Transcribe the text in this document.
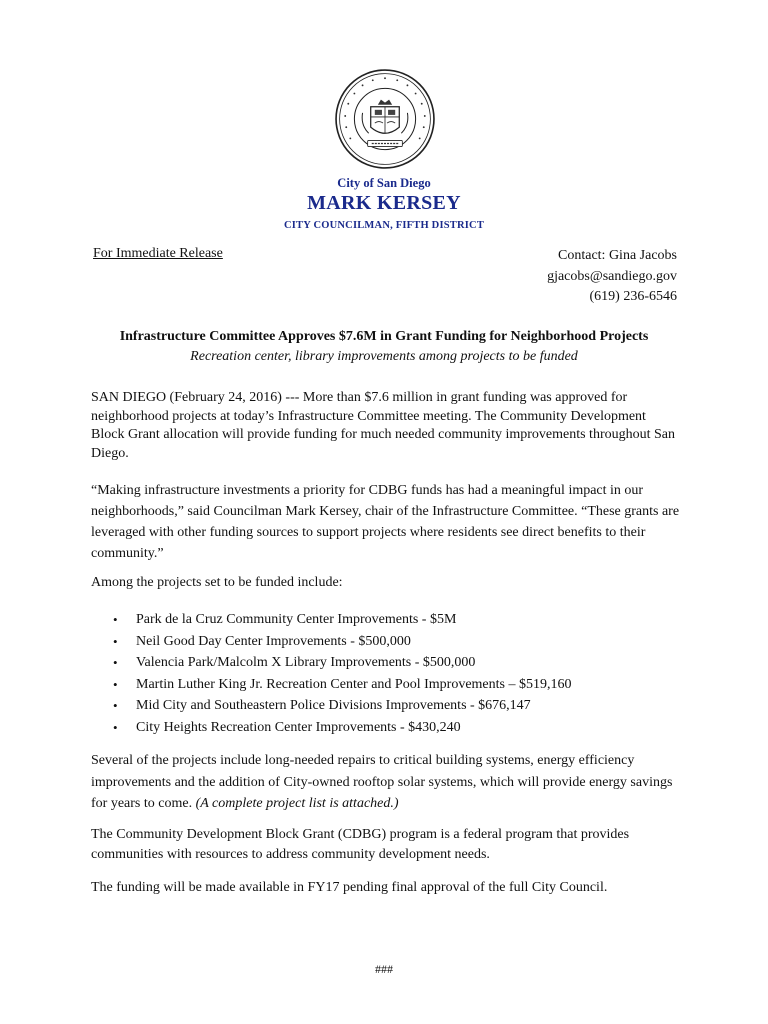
City of San Diego
MARK KERSEY
CITY COUNCILMAN, FIFTH DISTRICT
For Immediate Release	Contact: Gina Jacobs
gjacobs@sandiego.gov
(619) 236-6546
Infrastructure Committee Approves $7.6M in Grant Funding for Neighborhood Projects
Recreation center, library improvements among projects to be funded

SAN DIEGO (February 24, 2016) --- More than $7.6 million in grant funding was approved for neighborhood projects at today’s Infrastructure Committee meeting. The Community Development Block Grant allocation will provide funding for much needed community improvements throughout San Diego.

“Making infrastructure investments a priority for CDBG funds has had a meaningful impact in our neighborhoods,” said Councilman Mark Kersey, chair of the Infrastructure Committee. “These grants are leveraged with other funding sources to support projects where residents see direct benefits to their community.”

Among the projects set to be funded include:

• Park de la Cruz Community Center Improvements - $5M
• Neil Good Day Center Improvements - $500,000
• Valencia Park/Malcolm X Library Improvements - $500,000
• Martin Luther King Jr. Recreation Center and Pool Improvements – $519,160
• Mid City and Southeastern Police Divisions Improvements - $676,147
• City Heights Recreation Center Improvements - $430,240

Several of the projects include long-needed repairs to critical building systems, energy efficiency improvements and the addition of City-owned rooftop solar systems, which will provide energy savings for years to come. (A complete project list is attached.)

The Community Development Block Grant (CDBG) program is a federal program that provides communities with resources to address community development needs.

The funding will be made available in FY17 pending final approval of the full City Council.

###
